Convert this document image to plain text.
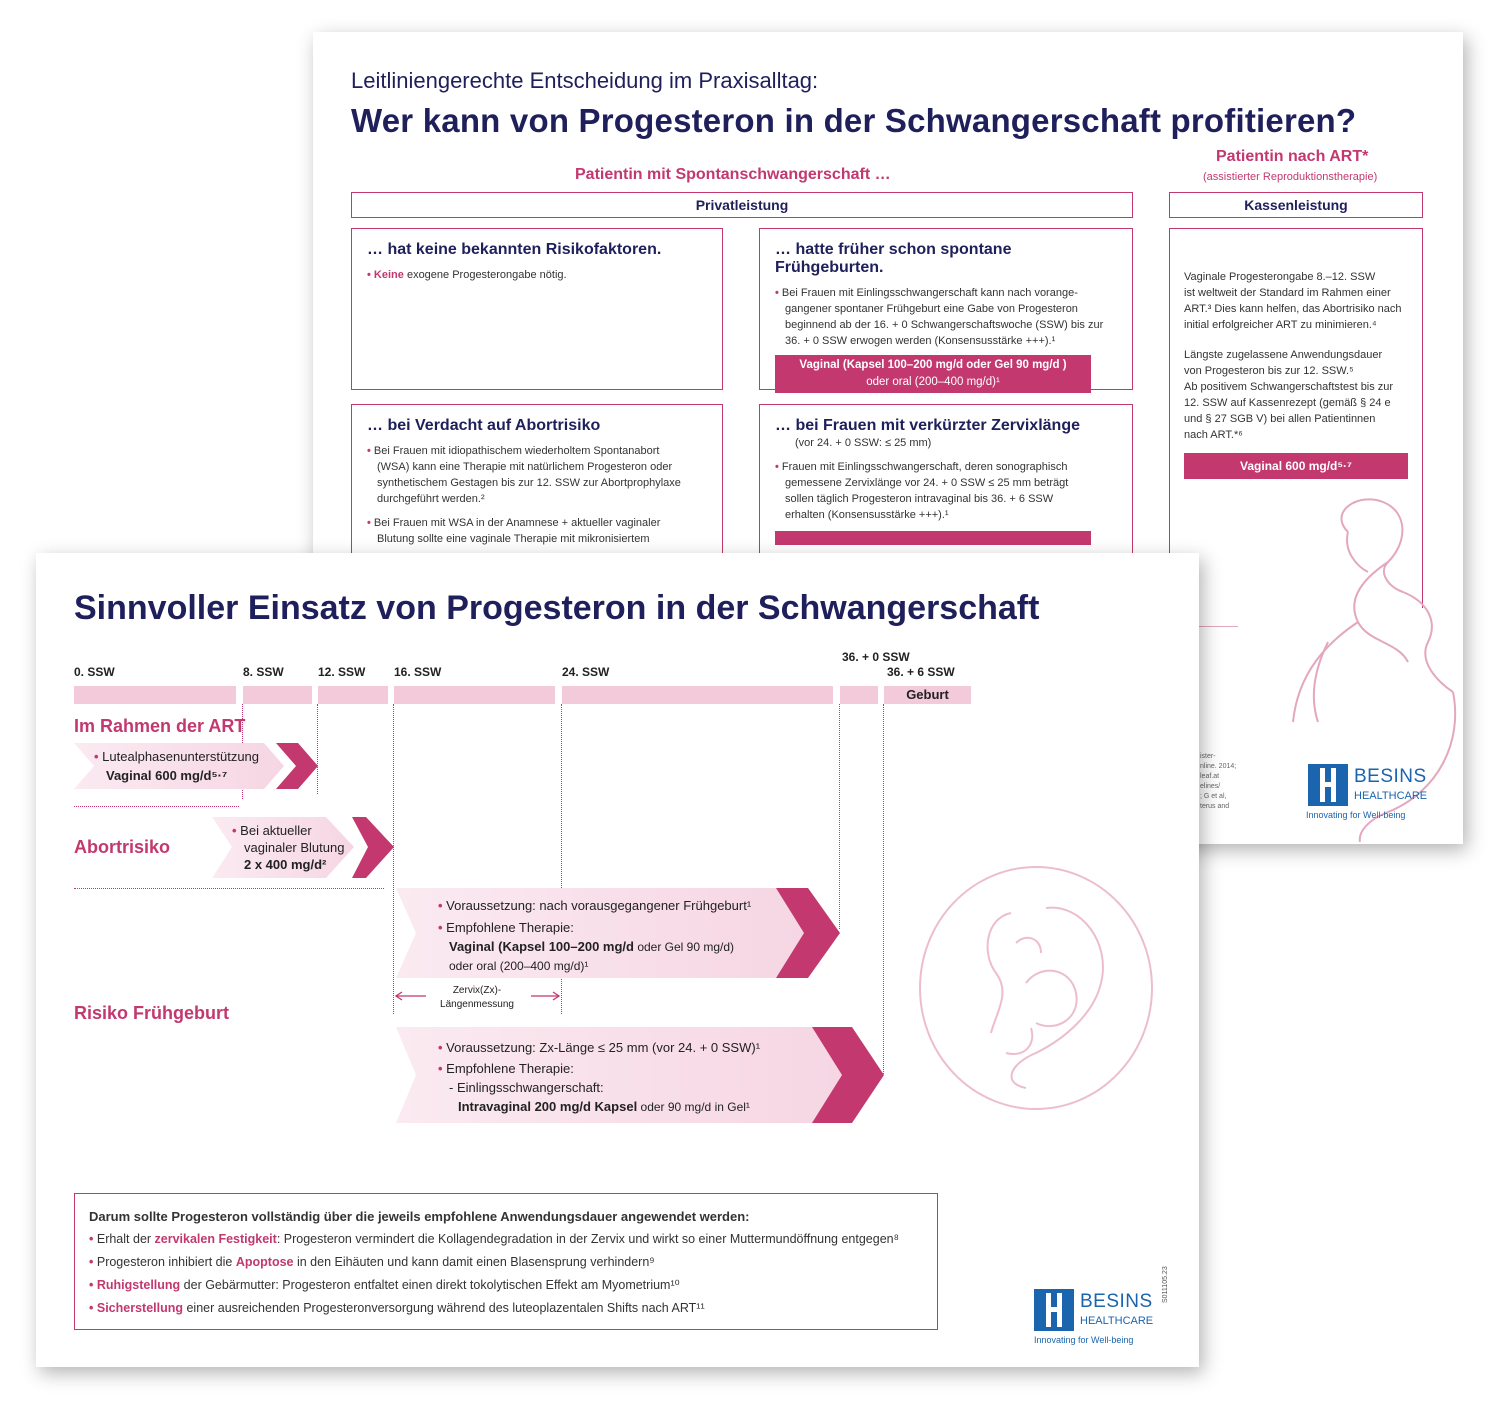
Leitliniengerechte Entscheidung im Praxisalltag:
Wer kann von Progesteron in der Schwangerschaft profitieren?
Patientin mit Spontanschwangerschaft …
Patientin nach ART*
(assistierter Reproduktionstherapie)
Privatleistung	Kassenleistung
… hat keine bekannten Risikofaktoren.

• Keine exogene Progesterongabe nötig.

… hatte früher schon spontane Frühgeburten.

• Bei Frauen mit Einlingsschwangerschaft kann nach vorange-

gangener spontaner Frühgeburt eine Gabe von Progesteron

beginnend ab der 16. + 0 Schwangerschaftswoche (SSW) bis zur

36. + 0 SSW erwogen werden (Konsensusstärke +++).¹

Vaginal (Kapsel 100–200 mg/d oder Gel 90 mg/d )
oder oral (200–400 mg/d)¹
… bei Verdacht auf Abortrisiko

• Bei Frauen mit idiopathischem wiederholtem Spontanabort

(WSA) kann eine Therapie mit natürlichem Progesteron oder

synthetischem Gestagen bis zur 12. SSW zur Abortprophylaxe

durchgeführt werden.²

• Bei Frauen mit WSA in der Anamnese + aktueller vaginaler

Blutung sollte eine vaginale Therapie mit mikronisiertem

… bei Frauen mit verkürzter Zervixlänge

(vor 24. + 0 SSW: ≤ 25 mm)

• Frauen mit Einlingsschwangerschaft, deren sonographisch

gemessene Zervixlänge vor 24. + 0 SSW ≤ 25 mm beträgt

sollen täglich Progesteron intravaginal bis 36. + 6 SSW

erhalten (Konsensusstärke +++).¹

Vaginale Progesterongabe 8.–12. SSW

ist weltweit der Standard im Rahmen einer

ART.³ Dies kann helfen, das Abortrisiko nach

initial erfolgreicher ART zu minimieren.⁴

Längste zugelassene Anwendungsdauer

von Progesteron bis zur 12. SSW.⁵

Ab positivem Schwangerschaftstest bis zur

12. SSW auf Kassenrezept (gemäß § 24 e

und § 27 SGB V) bei allen Patientinnen

nach ART.*⁶

Vaginal 600 mg/d⁵·⁷
ister-
nline. 2014;
leaf.at
elines/
; G et al,
terus and
BESINS
HEALTHCARE
Innovating for Well-being
Sinnvoller Einsatz von Progesteron in der Schwangerschaft
0. SSW	8. SSW	12. SSW 16. SSW	24. SSW
36. + 0 SSW
36. + 6 SSW
Geburt
Im Rahmen der ART
Abortrisiko
Risiko Frühgeburt
• Lutealphasenunterstützung
Vaginal 600 mg/d⁵·⁷
• Bei aktueller
vaginaler Blutung
2 x 400 mg/d²
• Voraussetzung: nach vorausgegangener Frühgeburt¹
• Empfohlene Therapie:
Vaginal (Kapsel 100–200 mg/d oder Gel 90 mg/d)
oder oral (200–400 mg/d)¹
Zervix(Zx)-
Längenmessung
• Voraussetzung: Zx-Länge ≤ 25 mm (vor 24. + 0 SSW)¹
• Empfohlene Therapie:
- Einlingsschwangerschaft:
Intravaginal 200 mg/d Kapsel oder 90 mg/d in Gel¹

Darum sollte Progesteron vollständig über die jeweils empfohlene Anwendungsdauer angewendet werden:

• Erhalt der zervikalen Festigkeit: Progesteron vermindert die Kollagendegradation in der Zervix und wirkt so einer Muttermundöffnung entgegen⁸

• Progesteron inhibiert die Apoptose in den Eihäuten und kann damit einen Blasensprung verhindern⁹

• Ruhigstellung der Gebärmutter: Progesteron entfaltet einen direkt tokolytischen Effekt am Myometrium¹⁰

• Sicherstellung einer ausreichenden Progesteronversorgung während des luteoplazentalen Shifts nach ART¹¹	BESINS
HEALTHCARE
Innovating for Well-being
S011105.23
